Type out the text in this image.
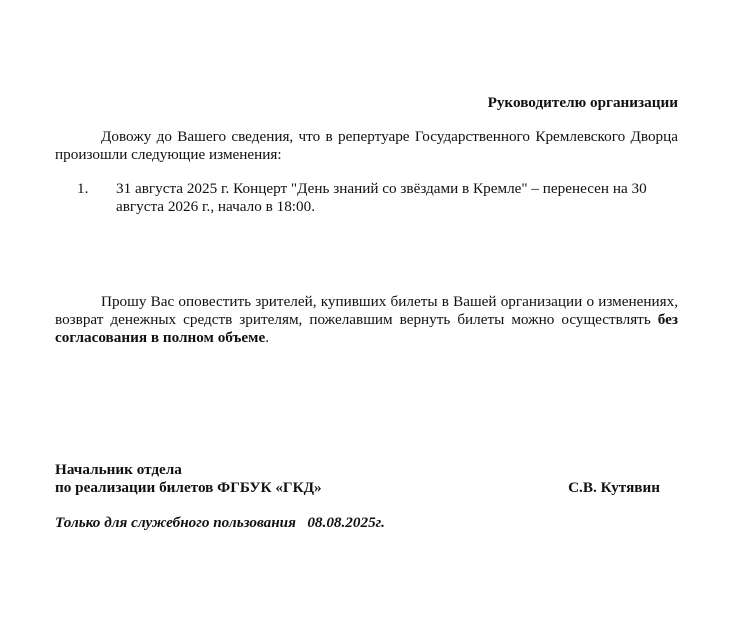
Руководителю организации

Довожу до Вашего сведения, что в репертуаре Государственного Кремлевского Дворца произошли следующие изменения:

1. 31 августа 2025 г. Концерт "День знаний со звёздами в Кремле" – перенесен на 30 августа 2026 г., начало в 18:00.

Прошу Вас оповестить зрителей, купивших билеты в Вашей организации о изменениях, возврат денежных средств зрителям, пожелавшим вернуть билеты можно осуществлять без согласования в полном объеме.

Начальник отдела
по реализации билетов ФГБУК «ГКД»	С.В. Кутявин
Только для служебного пользования 08.08.2025г.
